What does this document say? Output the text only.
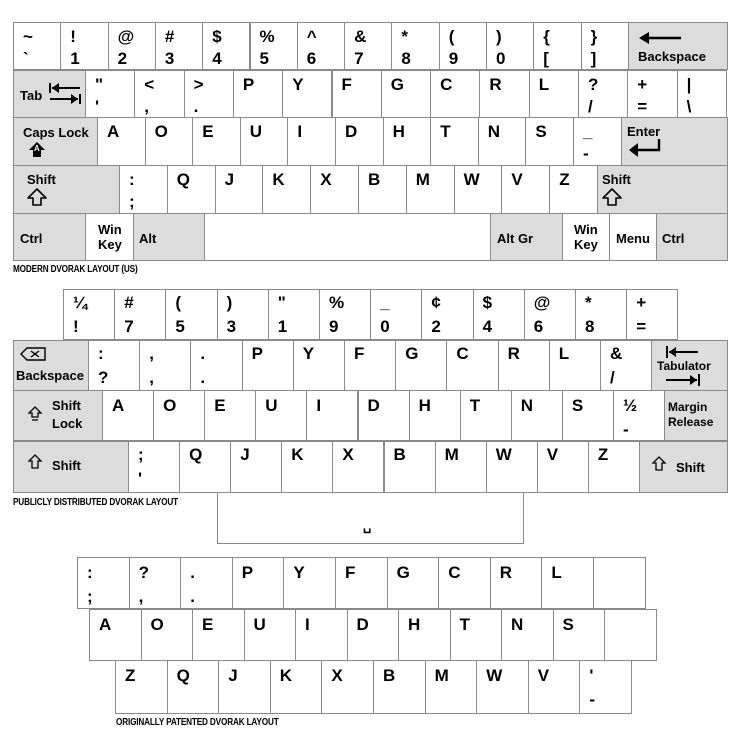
~
`
!
1
@
2
#
3
$
4
%
5
^
6
&
7
*
8
(
9
)
0
{
[
}
]	Backspace
Tab
"
'
<
,
>
.
P Y F G C R L ?
/
+
=
|
\
Caps Lock
A
A O E U I	D H T N S _
-
Enter
Shift	:
;
Q J K X B M W V Z Shift
Ctrl
Win
Key Alt	Alt Gr
Win
Key Menu Ctrl
¼
!
#
7
(
5
)
3
"
1
%
9
_
0
¢
2
$
4
@
6
*
8
+
=
Backspace
:
?
,
,
.
.
P Y F G C R L &
/
Tabulator
Shift
Lock
A O E U I	D H T N S ½
-
Margin
Release
Shift
;
'
Q J K X B M W V Z
Shift
␣
:
;
?
,
.
.
P Y F G C R L
A O E U I	D H T N S
Z Q J K X B M W V '
-
MODERN DVORAK LAYOUT (US)
PUBLICLY DISTRIBUTED DVORAK LAYOUT
ORIGINALLY PATENTED DVORAK LAYOUT
